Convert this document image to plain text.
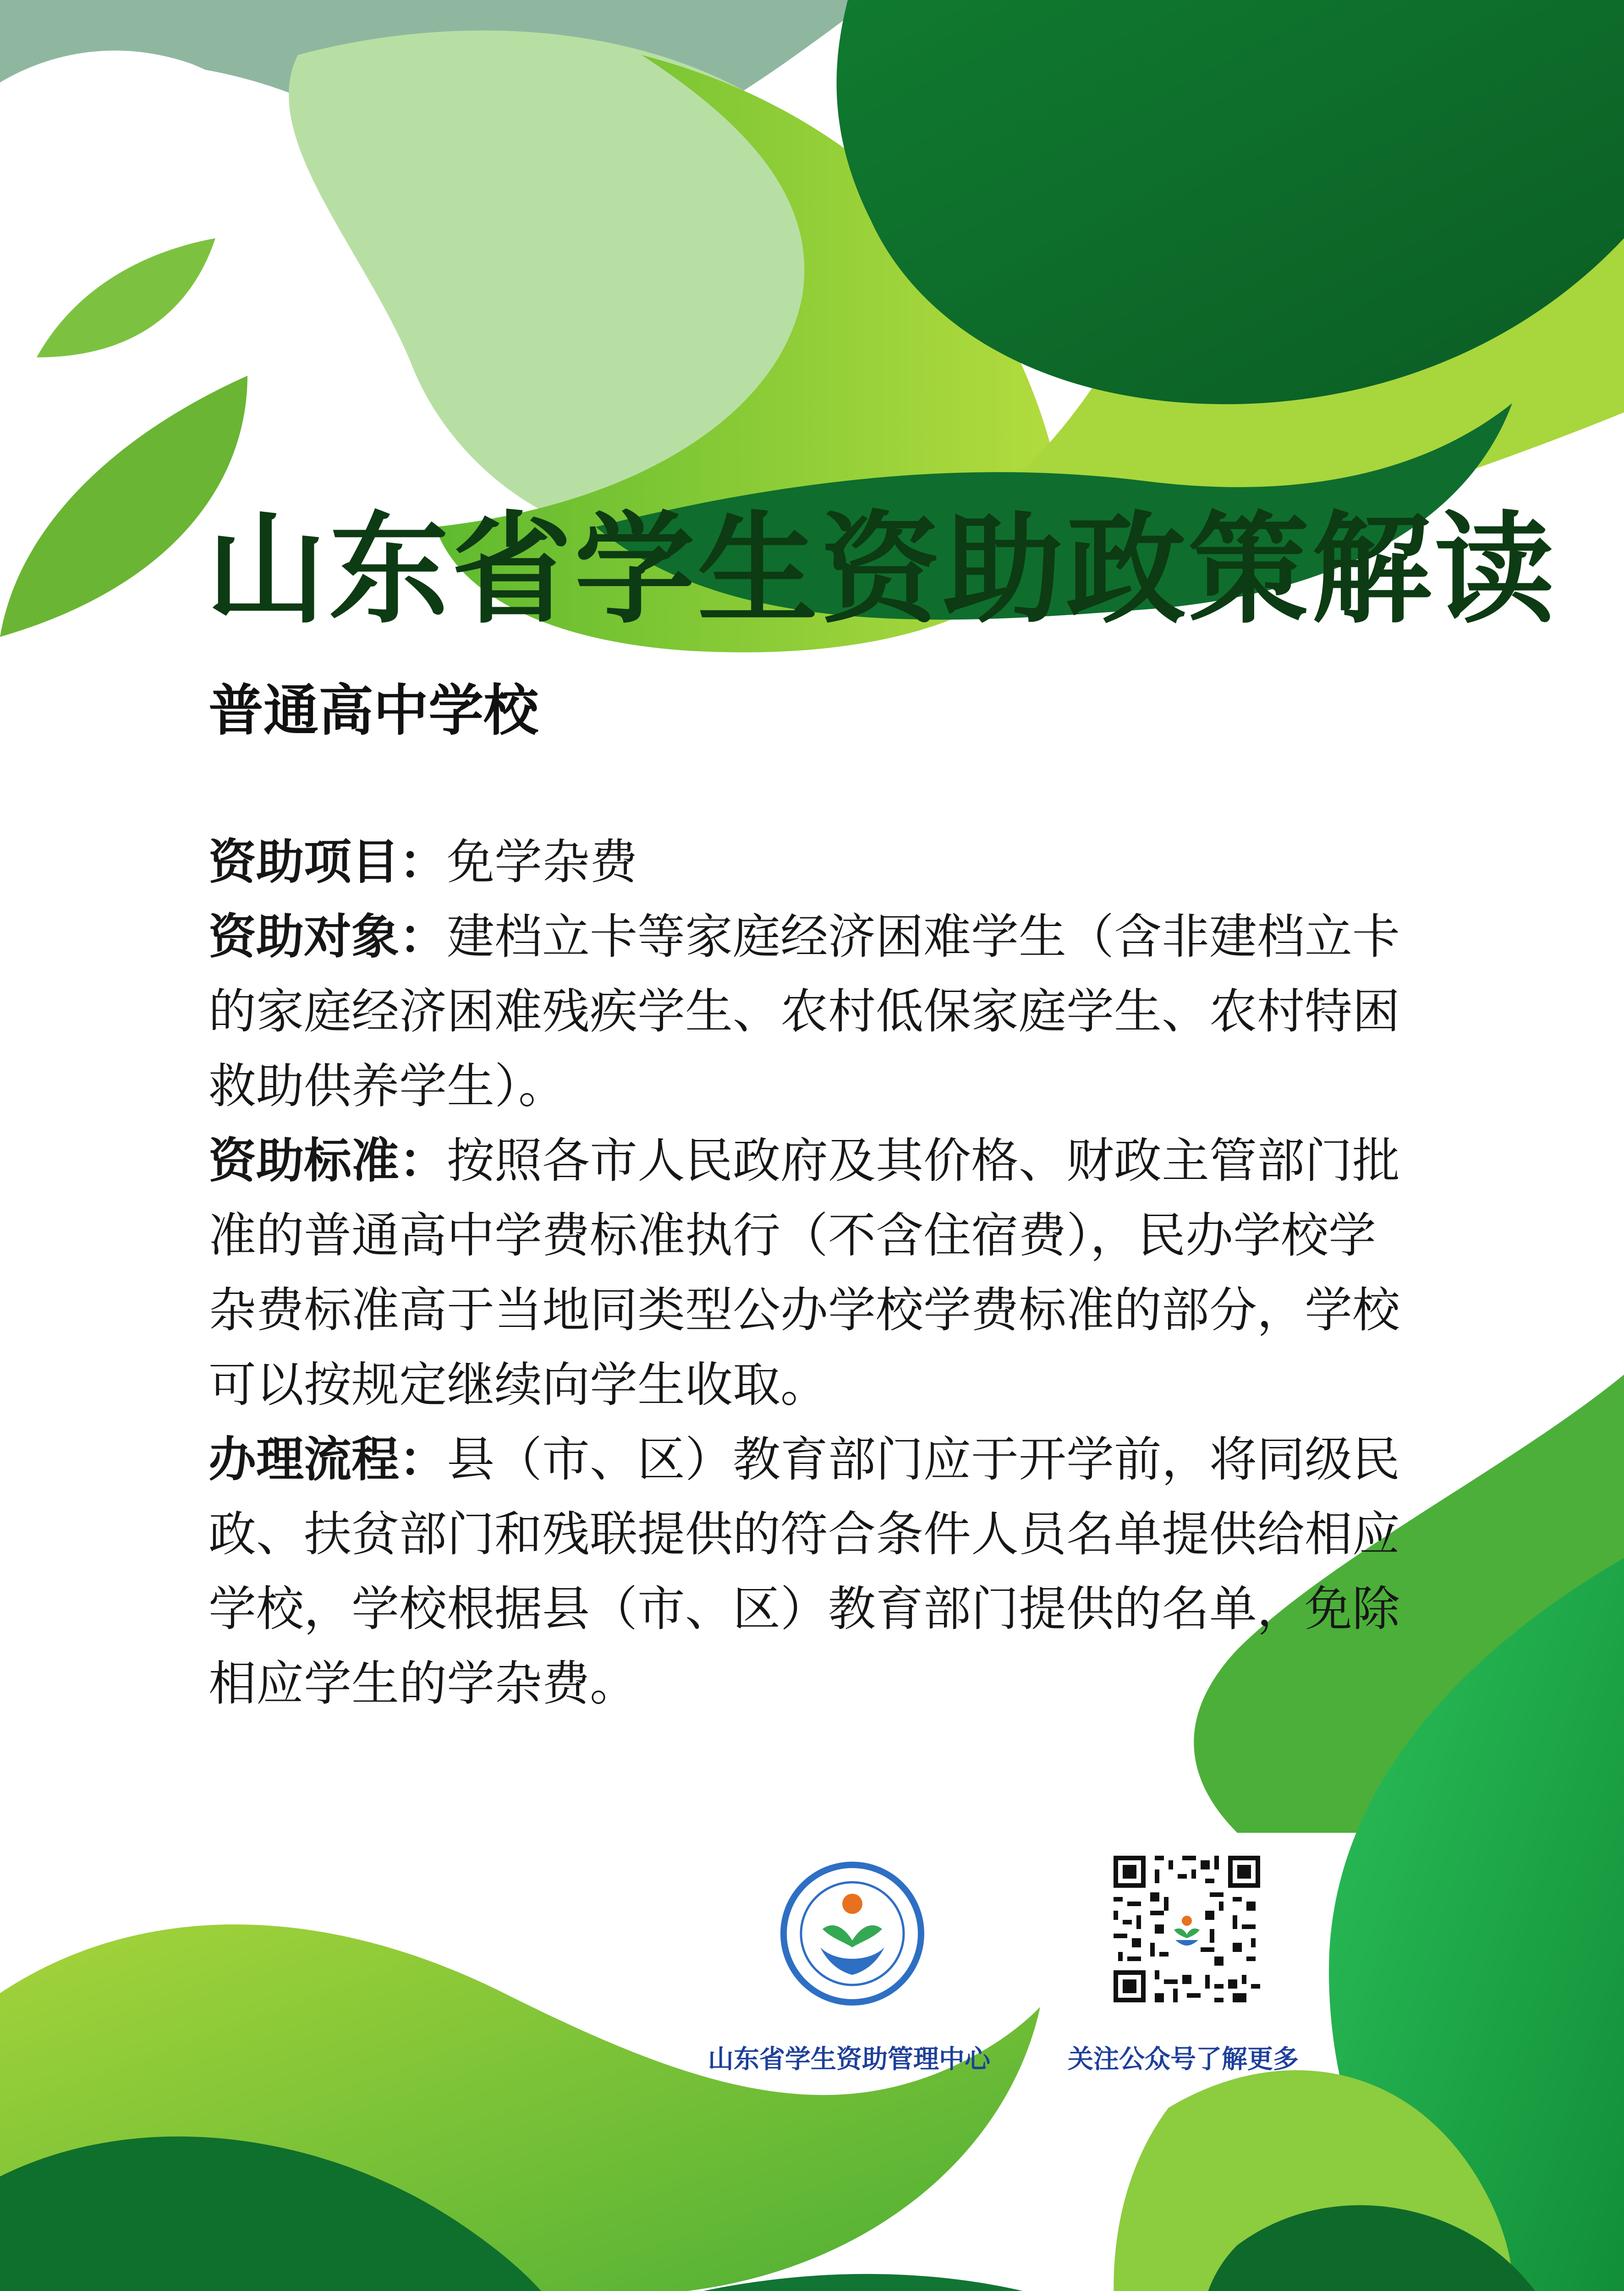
山东省学生资助政策解读
普通高中学校
资助项目：免学杂费
资助对象：建档立卡等家庭经济困难学生（含非建档立卡的家庭经济困难残疾学生、农村低保家庭学生、农村特困救助供养学生）。
资助标准：按照各市人民政府及其价格、财政主管部门批准的普通高中学费标准执行（不含住宿费），民办学校学杂费标准高于当地同类型公办学校学费标准的部分，学校可以按规定继续向学生收取。
办理流程：县（市、区）教育部门应于开学前，将同级民政、扶贫部门和残联提供的符合条件人员名单提供给相应学校，学校根据县（市、区）教育部门提供的名单，免除相应学生的学杂费。
山东省学生资助管理中心	关注公众号了解更多
